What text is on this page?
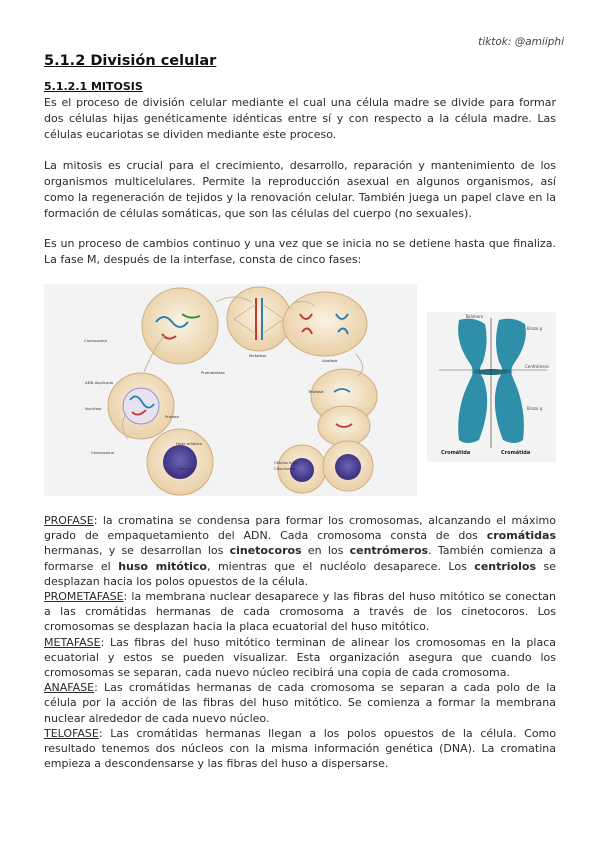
tiktok: @amiiphi
5.1.2 División celular
5.1.2.1 MITOSIS

Es el proceso de división celular mediante el cual una célula madre se divide para formar dos células hijas genéticamente idénticas entre sí y con respecto a la célula madre. Las células eucariotas se dividen mediante este proceso.

La mitosis es crucial para el crecimiento, desarrollo, reparación y mantenimiento de los organismos multicelulares. Permite la reproducción asexual en algunos organismos, así como la regeneración de tejidos y la renovación celular. También juega un papel clave en la formación de células somáticas, que son las células del cuerpo (no sexuales).

Es un proceso de cambios continuo y una vez que se inicia no se detiene hasta que finaliza. La fase M, después de la interfase, consta de cinco fases:

Cromosoma
Prometafase
Metafase
Anafase
ADN duplicado
Nucléolo
Profase
Telofase
Centrosoma
Huso mitótico
Interfase
Células hijas
Citocinesis
Telómero
Brazo p
Centrómero
Brazo q
Cromátida	Cromátida

PROFASE: la cromatina se condensa para formar los cromosomas, alcanzando el máximo grado de empaquetamiento del ADN. Cada cromosoma consta de dos cromátidas hermanas, y se desarrollan los cinetocoros en los centrómeros. También comienza a formarse el huso mitótico, mientras que el nucléolo desaparece. Los centriolos se desplazan hacia los polos opuestos de la célula.

PROMETAFASE: la membrana nuclear desaparece y las fibras del huso mitótico se conectan a las cromátidas hermanas de cada cromosoma a través de los cinetocoros. Los cromosomas se desplazan hacia la placa ecuatorial del huso mitótico.

METAFASE: Las fibras del huso mitótico terminan de alinear los cromosomas en la placa ecuatorial y estos se pueden visualizar. Esta organización asegura que cuando los cromosomas se separan, cada nuevo núcleo recibirá una copia de cada cromosoma.

ANAFASE: Las cromátidas hermanas de cada cromosoma se separan a cada polo de la célula por la acción de las fibras del huso mitótico. Se comienza a formar la membrana nuclear alrededor de cada nuevo núcleo.

TELOFASE: Las cromátidas hermanas llegan a los polos opuestos de la célula. Como resultado tenemos dos núcleos con la misma información genética (DNA). La cromatina empieza a descondensarse y las fibras del huso a dispersarse.
